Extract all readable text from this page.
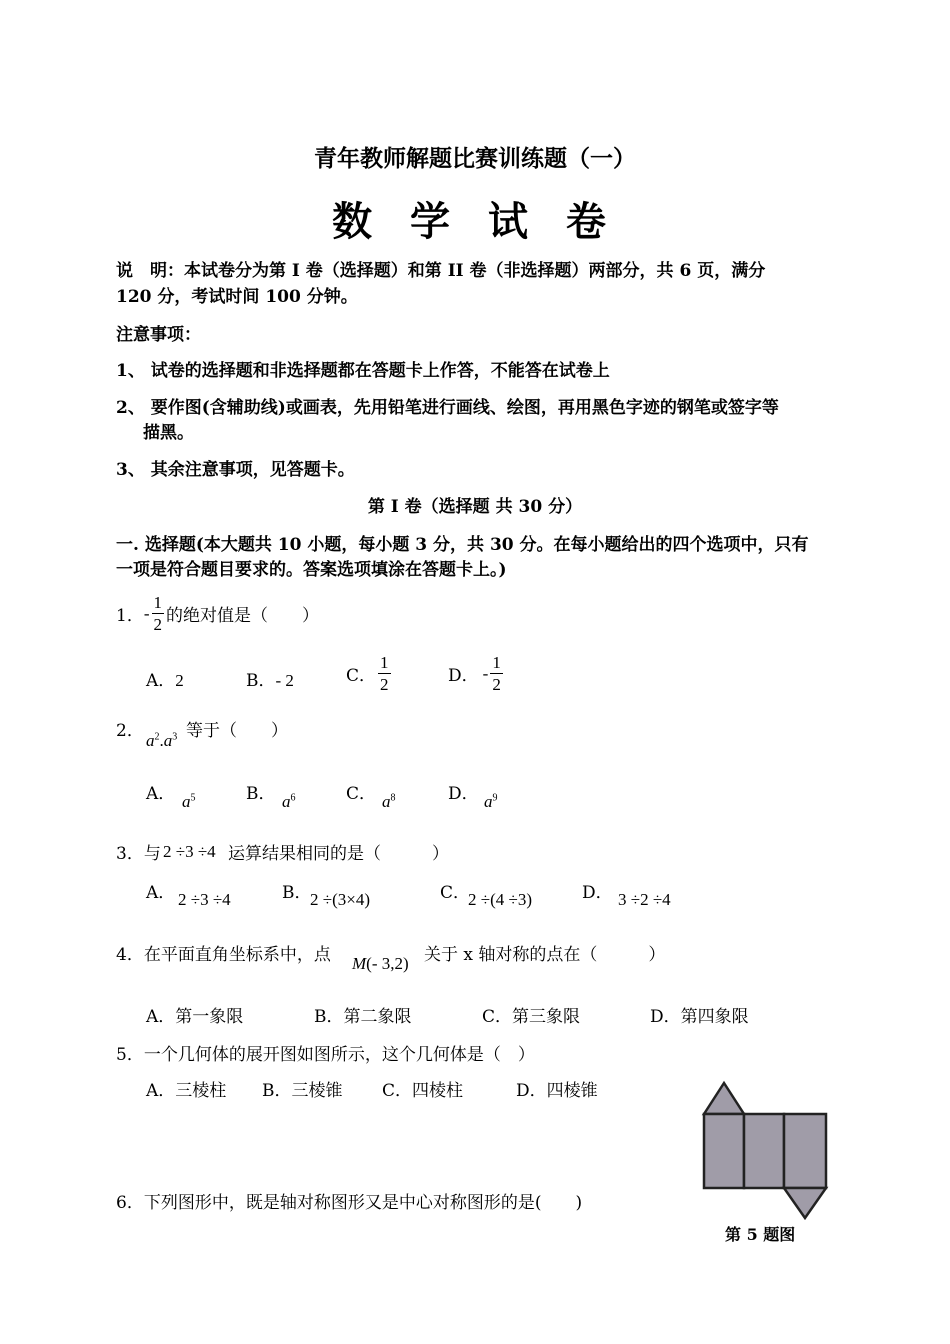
青年教师解题比赛训练题（一）
数 学 试 卷
说　明：本试卷分为第 I 卷（选择题）和第 II 卷（非选择题）两部分，共 6 页，满分
120 分，考试时间 100 分钟。
注意事项：
1、 试卷的选择题和非选择题都在答题卡上作答，不能答在试卷上
2、 要作图(含辅助线)或画表，先用铅笔进行画线、绘图，再用黑色字迹的钢笔或签字等
描黑。
3、 其余注意事项，见答题卡。
第 I 卷（选择题 共 30 分）
一. 选择题(本大题共 10 小题，每小题 3 分，共 30 分。在每小题给出的四个选项中，只有
一项是符合题目要求的。答案选项填涂在答题卡上。)
1． - $\frac{1}{2}$ 的绝对值是（　　）
A．2	B．- 2	C． $\frac{1}{2}$	D． - $\frac{1}{2}$
2． $a^2.a^3$ 等于（　　）
A． $a^5$	B． $a^6$	C． $a^8$	D． $a^9$
3．与 2 ÷3 ÷4 运算结果相同的是（　　　）
A． 2 ÷3 ÷4	B．
2 ÷(3×4)	C．
2 ÷(4 ÷3)	D． 3 ÷2 ÷4
4．在平面直角坐标系中，点 M(- 3,2) 关于 x 轴对称的点在（　　　）
A．第一象限	B．第二象限	C．第三象限	D．第四象限
5．一个几何体的展开图如图所示，这个几何体是（　）
A．三棱柱 B．三棱锥 C．四棱柱	D．四棱锥
第 5 题图
6．下列图形中，既是轴对称图形又是中心对称图形的是(　　)
